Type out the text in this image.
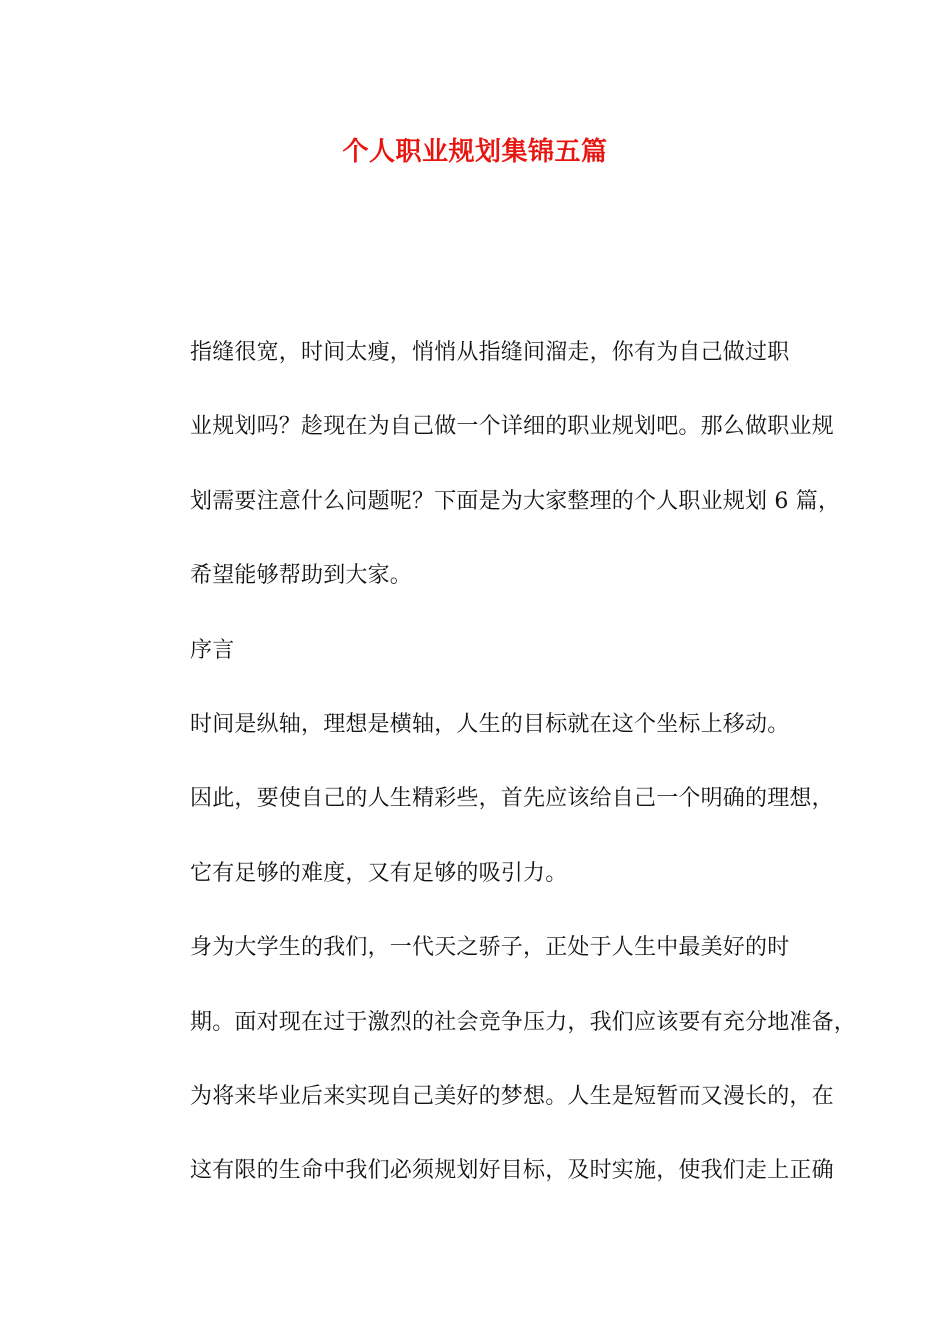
个人职业规划集锦五篇

指缝很宽，时间太瘦，悄悄从指缝间溜走，你有为自己做过职
业规划吗？趁现在为自己做一个详细的职业规划吧。那么做职业规
划需要注意什么问题呢？下面是为大家整理的个人职业规划 6 篇，
希望能够帮助到大家。

序言

时间是纵轴，理想是横轴，人生的目标就在这个坐标上移动。
因此，要使自己的人生精彩些，首先应该给自己一个明确的理想，
它有足够的难度，又有足够的吸引力。

身为大学生的我们，一代天之骄子，正处于人生中最美好的时
期。面对现在过于激烈的社会竞争压力，我们应该要有充分地准备，
为将来毕业后来实现自己美好的梦想。人生是短暂而又漫长的，在
这有限的生命中我们必须规划好目标，及时实施，使我们走上正确
